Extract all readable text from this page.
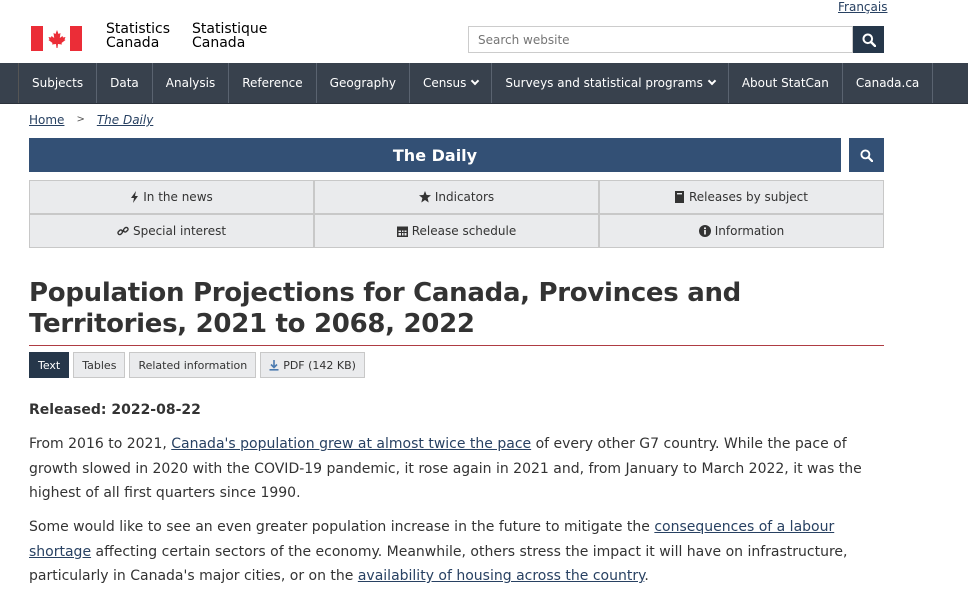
Français
Statistics
Canada
Statistique
Canada
Search website
Subjects Data Analysis Reference Geography Census	Surveys and statistical programs	About StatCan Canada.ca
Home > The Daily
The Daily
In the news	Indicators	Releases by subject
Special interest	Release schedule	Information
Population Projections for Canada, Provinces and Territories, 2021 to 2068, 2022
Text Tables Related information	PDF (142 KB)
Released: 2022-08-22

From 2016 to 2021, Canada's population grew at almost twice the pace of every other G7 country. While the pace of growth slowed in 2020 with the COVID-19 pandemic, it rose again in 2021 and, from January to March 2022, it was the highest of all first quarters since 1990.

Some would like to see an even greater population increase in the future to mitigate the consequences of a labour shortage affecting certain sectors of the economy. Meanwhile, others stress the impact it will have on infrastructure, particularly in Canada's major cities, or on the availability of housing across the country.
